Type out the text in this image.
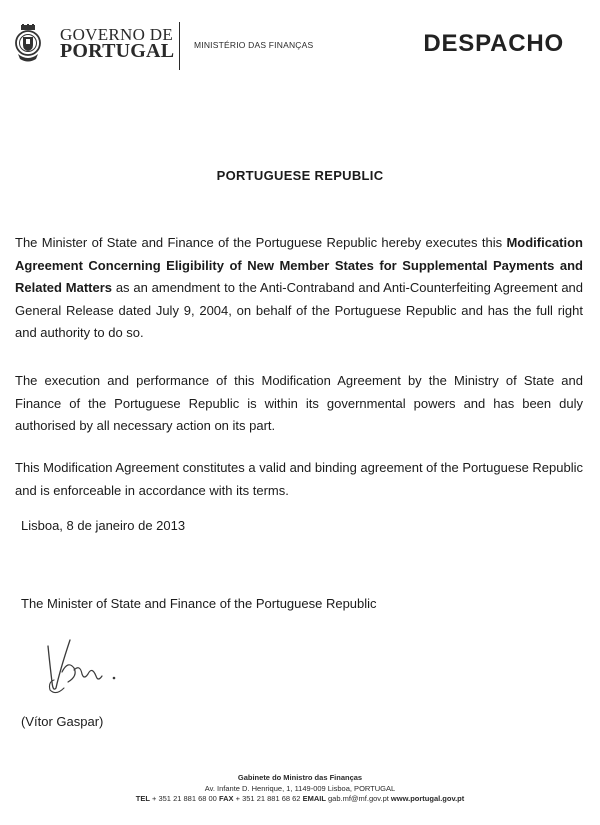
GOVERNO DE
PORTUGAL MINISTÉRIO DAS FINANÇAS	DESPACHO
PORTUGUESE REPUBLIC

The Minister of State and Finance of the Portuguese Republic hereby executes this Modification Agreement Concerning Eligibility of New Member States for Supplemental Payments and Related Matters as an amendment to the Anti-Contraband and Anti-Counterfeiting Agreement and General Release dated July 9, 2004, on behalf of the Portuguese Republic and has the full right and authority to do so.

The execution and performance of this Modification Agreement by the Ministry of State and Finance of the Portuguese Republic is within its governmental powers and has been duly authorised by all necessary action on its part.

This Modification Agreement constitutes a valid and binding agreement of the Portuguese Republic and is enforceable in accordance with its terms.

Lisboa, 8 de janeiro de 2013
The Minister of State and Finance of the Portuguese Republic
(Vítor Gaspar)
Gabinete do Ministro das Finanças
Av. Infante D. Henrique, 1, 1149-009 Lisboa, PORTUGAL
TEL + 351 21 881 68 00 FAX + 351 21 881 68 62 EMAIL gab.mf@mf.gov.pt www.portugal.gov.pt
